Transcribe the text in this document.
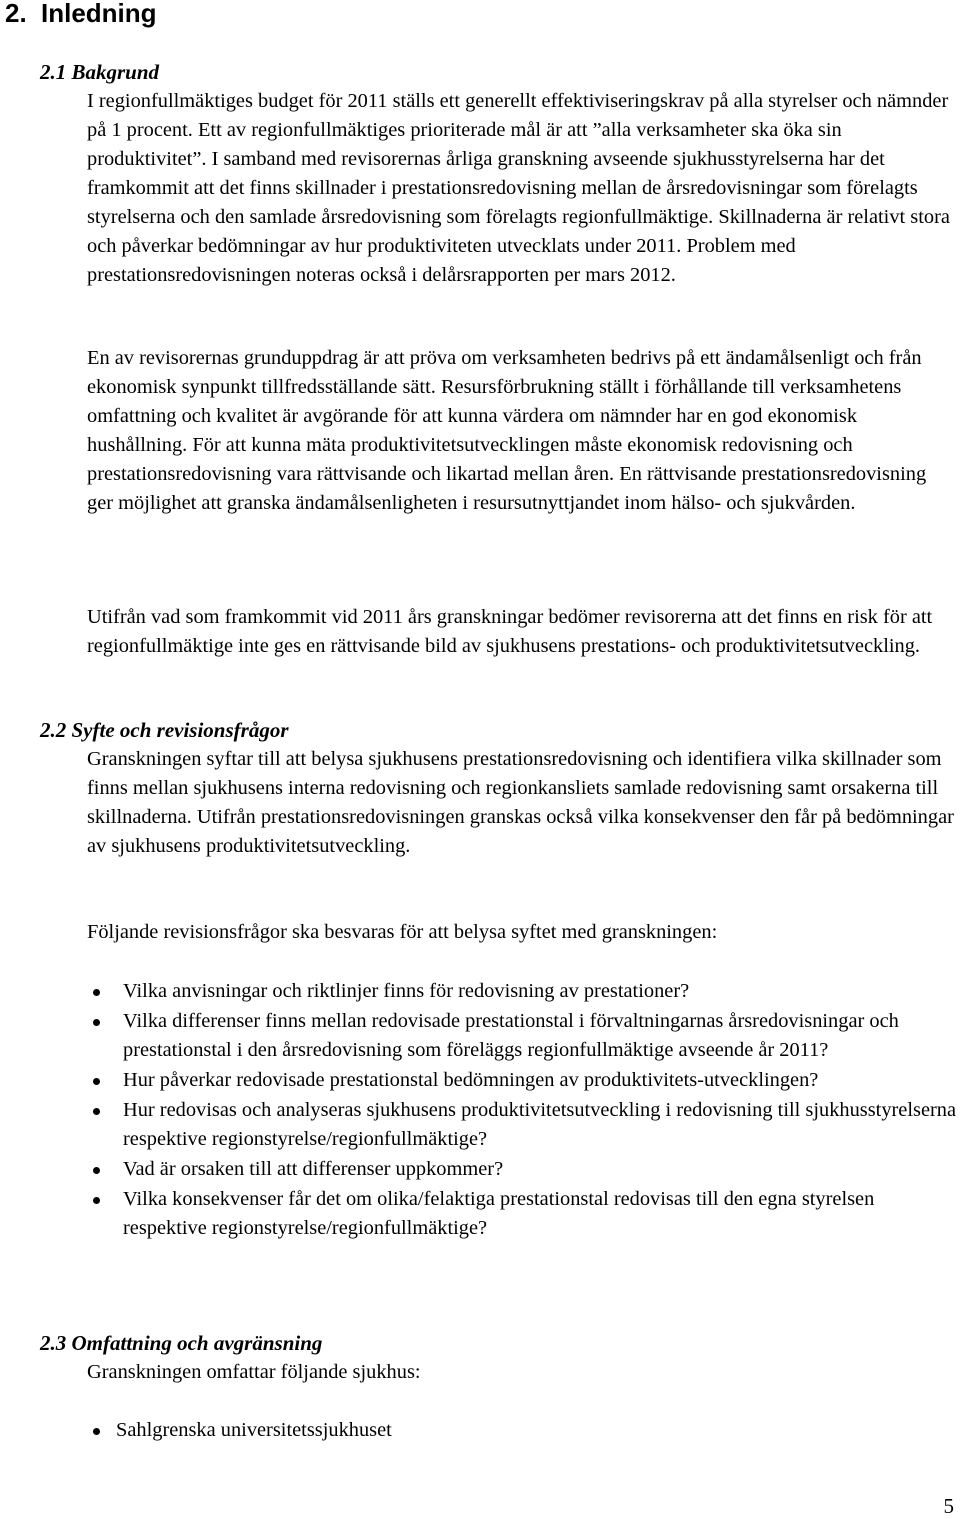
2. Inledning
2.1 Bakgrund

I regionfullmäktiges budget för 2011 ställs ett generellt effektiviseringskrav på alla styrelser och nämnder på 1 procent. Ett av regionfullmäktiges prioriterade mål är att ”alla verksamheter ska öka sin produktivitet”. I samband med revisorernas årliga granskning avseende sjukhusstyrelserna har det framkommit att det finns skillnader i prestationsredovisning mellan de årsredovisningar som förelagts styrelserna och den samlade årsredovisning som förelagts regionfullmäktige. Skillnaderna är relativt stora och påverkar bedömningar av hur produktiviteten utvecklats under 2011. Problem med prestationsredovisningen noteras också i delårsrapporten per mars 2012.

En av revisorernas grunduppdrag är att pröva om verksamheten bedrivs på ett ändamålsenligt och från ekonomisk synpunkt tillfredsställande sätt. Resursförbrukning ställt i förhållande till verksamhetens omfattning och kvalitet är avgörande för att kunna värdera om nämnder har en god ekonomisk hushållning. För att kunna mäta produktivitetsutvecklingen måste ekonomisk redovisning och prestationsredovisning vara rättvisande och likartad mellan åren. En rättvisande prestationsredovisning ger möjlighet att granska ändamålsenligheten i resursutnyttjandet inom hälso- och sjukvården.

Utifrån vad som framkommit vid 2011 års granskningar bedömer revisorerna att det finns en risk för att regionfullmäktige inte ges en rättvisande bild av sjukhusens prestations- och produktivitetsutveckling.

2.2 Syfte och revisionsfrågor

Granskningen syftar till att belysa sjukhusens prestationsredovisning och identifiera vilka skillnader som finns mellan sjukhusens interna redovisning och regionkansliets samlade redovisning samt orsakerna till skillnaderna. Utifrån prestationsredovisningen granskas också vilka konsekvenser den får på bedömningar av sjukhusens produktivitetsutveckling.

Följande revisionsfrågor ska besvaras för att belysa syftet med granskningen:

Vilka anvisningar och riktlinjer finns för redovisning av prestationer?
Vilka differenser finns mellan redovisade prestationstal i förvaltningarnas årsredovisningar och prestationstal i den årsredovisning som föreläggs regionfullmäktige avseende år 2011?
Hur påverkar redovisade prestationstal bedömningen av produktivitets-utvecklingen?
Hur redovisas och analyseras sjukhusens produktivitetsutveckling i redovisning till sjukhusstyrelserna respektive regionstyrelse/regionfullmäktige?
Vad är orsaken till att differenser uppkommer?
Vilka konsekvenser får det om olika/felaktiga prestationstal redovisas till den egna styrelsen respektive regionstyrelse/regionfullmäktige?
2.3 Omfattning och avgränsning

Granskningen omfattar följande sjukhus:

Sahlgrenska universitetssjukhuset

5
